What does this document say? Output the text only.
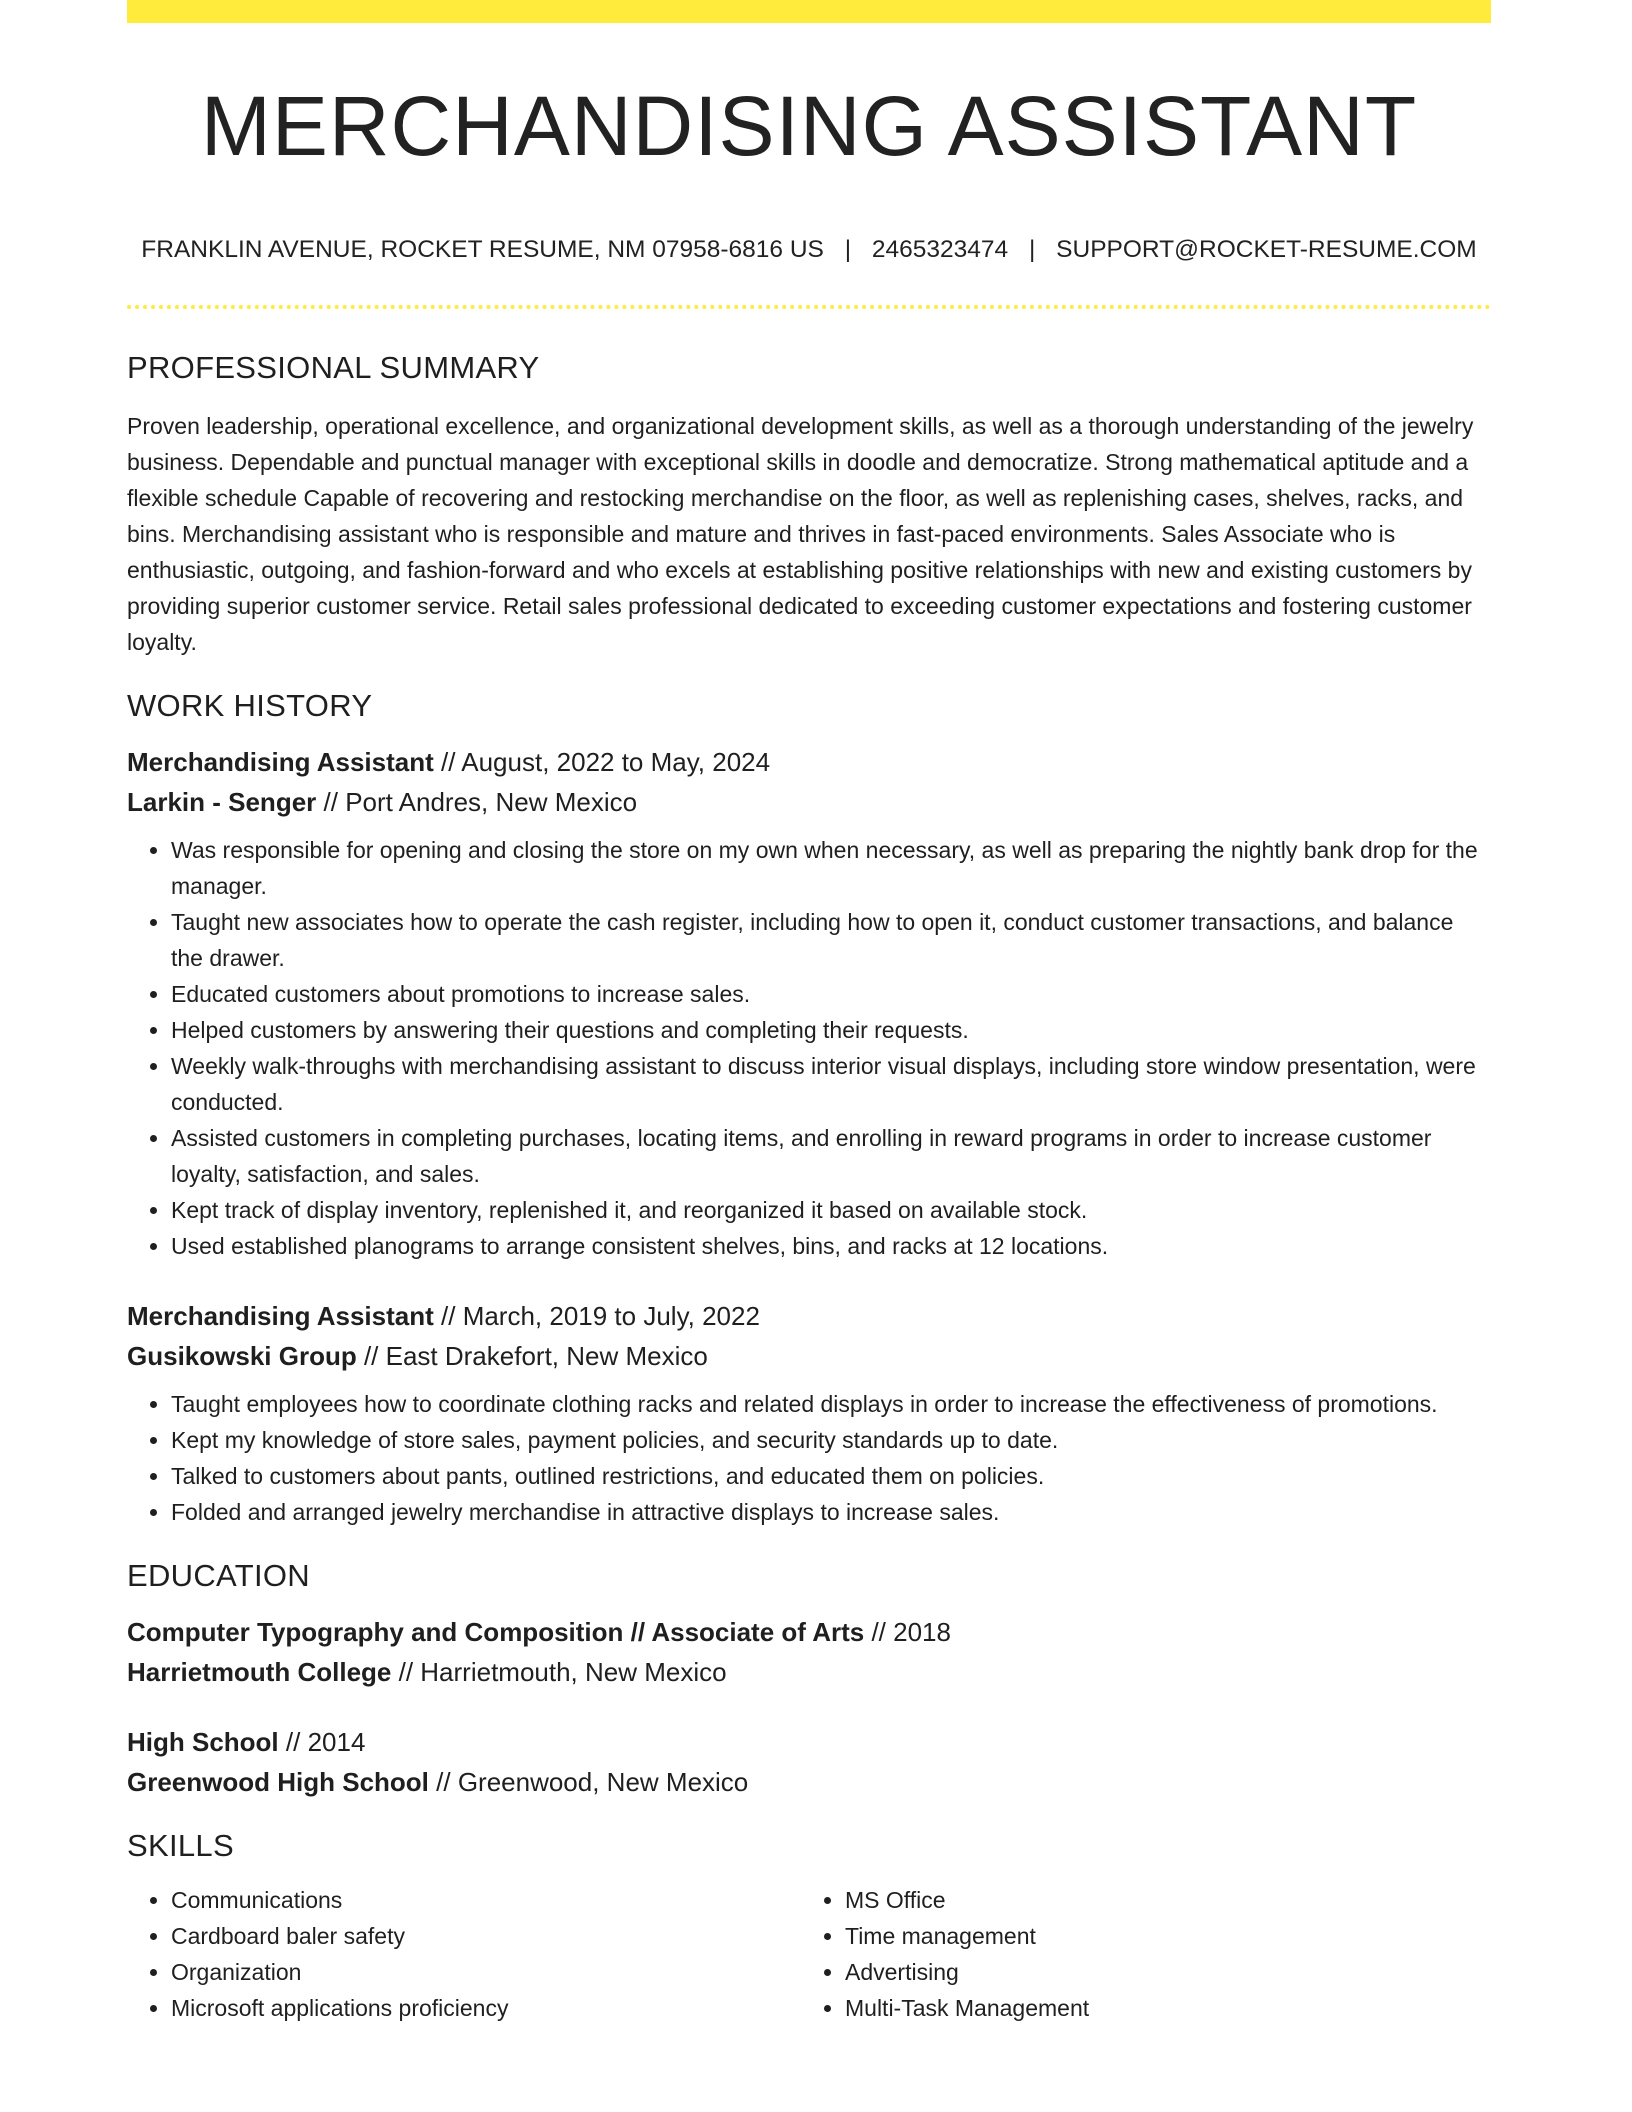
MERCHANDISING ASSISTANT
FRANKLIN AVENUE, ROCKET RESUME, NM 07958-6816 US | 2465323474 | SUPPORT@ROCKET-RESUME.COM
PROFESSIONAL SUMMARY

Proven leadership, operational excellence, and organizational development skills, as well as a thorough understanding of the jewelry business. Dependable and punctual manager with exceptional skills in doodle and democratize. Strong mathematical aptitude and a flexible schedule Capable of recovering and restocking merchandise on the floor, as well as replenishing cases, shelves, racks, and bins. Merchandising assistant who is responsible and mature and thrives in fast-paced environments. Sales Associate who is enthusiastic, outgoing, and fashion-forward and who excels at establishing positive relationships with new and existing customers by providing superior customer service. Retail sales professional dedicated to exceeding customer expectations and fostering customer loyalty.

WORK HISTORY
Merchandising Assistant // August, 2022 to May, 2024
Larkin - Senger // Port Andres, New Mexico
• Was responsible for opening and closing the store on my own when necessary, as well as preparing the nightly bank drop for the manager.
• Taught new associates how to operate the cash register, including how to open it, conduct customer transactions, and balance the drawer.
• Educated customers about promotions to increase sales.
• Helped customers by answering their questions and completing their requests.
• Weekly walk-throughs with merchandising assistant to discuss interior visual displays, including store window presentation, were conducted.
• Assisted customers in completing purchases, locating items, and enrolling in reward programs in order to increase customer loyalty, satisfaction, and sales.
• Kept track of display inventory, replenished it, and reorganized it based on available stock.
• Used established planograms to arrange consistent shelves, bins, and racks at 12 locations.
Merchandising Assistant // March, 2019 to July, 2022
Gusikowski Group // East Drakefort, New Mexico
• Taught employees how to coordinate clothing racks and related displays in order to increase the effectiveness of promotions.
• Kept my knowledge of store sales, payment policies, and security standards up to date.
• Talked to customers about pants, outlined restrictions, and educated them on policies.
• Folded and arranged jewelry merchandise in attractive displays to increase sales.
EDUCATION
Computer Typography and Composition // Associate of Arts // 2018
Harrietmouth College // Harrietmouth, New Mexico
High School // 2014
Greenwood High School // Greenwood, New Mexico
SKILLS
• Communications
• Cardboard baler safety
• Organization
• Microsoft applications proficiency
• MS Office
• Time management
• Advertising
• Multi-Task Management
